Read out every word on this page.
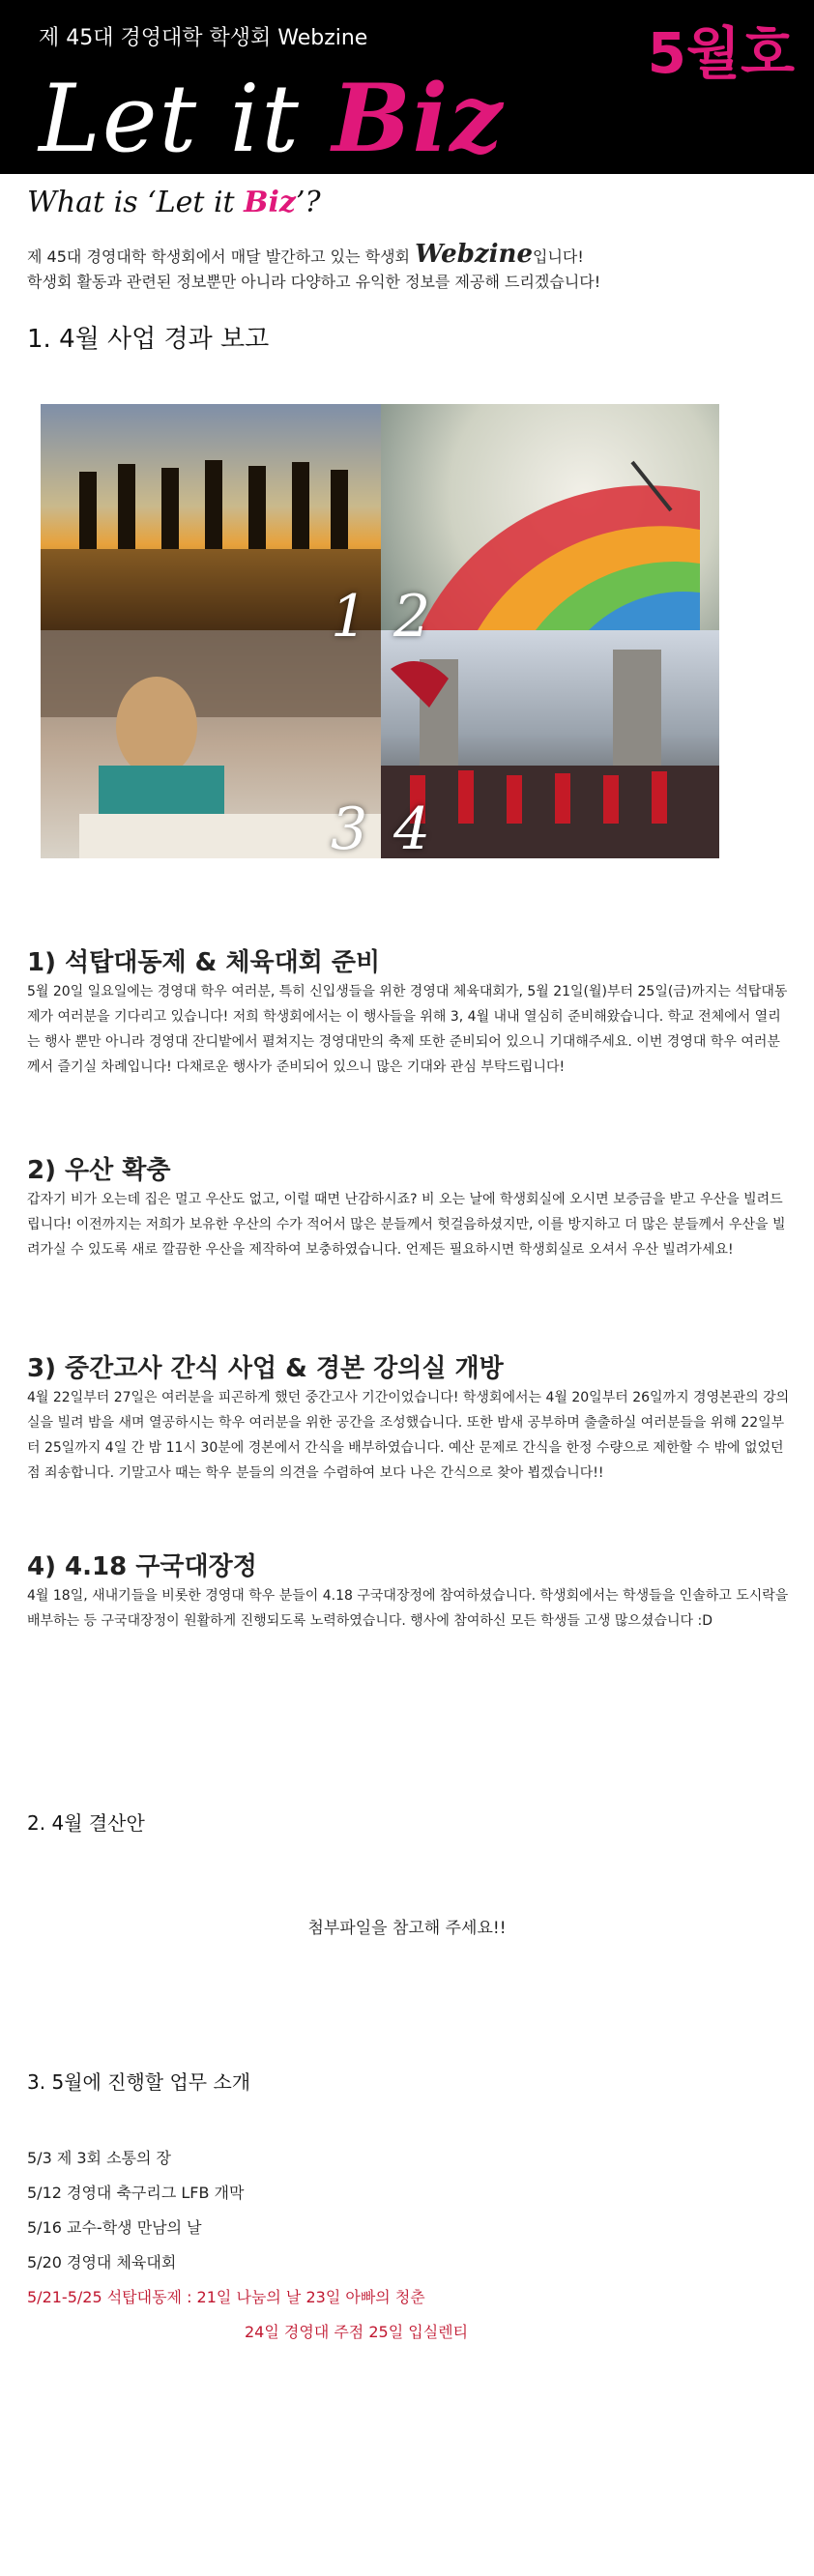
제 45대 경영대학 학생회 Webzine	5월호
Let it Biz
What is ‘Let it Biz’?
제 45대 경영대학 학생회에서 매달 발간하고 있는 학생회 Webzine입니다!
학생회 활동과 관련된 정보뿐만 아니라 다양하고 유익한 정보를 제공해 드리겠습니다!
1. 4월 사업 경과 보고
1 2
3 4
1) 석탑대동제 & 체육대회 준비
5월 20일 일요일에는 경영대 학우 여러분, 특히 신입생들을 위한 경영대 체육대회가, 5월 21일(월)부터 25일(금)까지는 석탑대동제가 여러분을 기다리고 있습니다! 저희 학생회에서는 이 행사들을 위해 3, 4월 내내 열심히 준비해왔습니다. 학교 전체에서 열리는 행사 뿐만 아니라 경영대 잔디밭에서 펼쳐지는 경영대만의 축제 또한 준비되어 있으니 기대해주세요. 이번 경영대 학우 여러분께서 즐기실 차례입니다! 다채로운 행사가 준비되어 있으니 많은 기대와 관심 부탁드립니다!
2) 우산 확충
갑자기 비가 오는데 집은 멀고 우산도 없고, 이럴 때면 난감하시죠? 비 오는 날에 학생회실에 오시면 보증금을 받고 우산을 빌려드립니다! 이전까지는 저희가 보유한 우산의 수가 적어서 많은 분들께서 헛걸음하셨지만, 이를 방지하고 더 많은 분들께서 우산을 빌려가실 수 있도록 새로 깔끔한 우산을 제작하여 보충하였습니다. 언제든 필요하시면 학생회실로 오셔서 우산 빌려가세요!
3) 중간고사 간식 사업 & 경본 강의실 개방
4월 22일부터 27일은 여러분을 피곤하게 했던 중간고사 기간이었습니다! 학생회에서는 4월 20일부터 26일까지 경영본관의 강의실을 빌려 밤을 새며 열공하시는 학우 여러분을 위한 공간을 조성했습니다. 또한 밤새 공부하며 출출하실 여러분들을 위해 22일부터 25일까지 4일 간 밤 11시 30분에 경본에서 간식을 배부하였습니다. 예산 문제로 간식을 한정 수량으로 제한할 수 밖에 없었던 점 죄송합니다. 기말고사 때는 학우 분들의 의견을 수렴하여 보다 나은 간식으로 찾아 뵙겠습니다!!
4) 4.18 구국대장정
4월 18일, 새내기들을 비롯한 경영대 학우 분들이 4.18 구국대장정에 참여하셨습니다. 학생회에서는 학생들을 인솔하고 도시락을 배부하는 등 구국대장정이 원활하게 진행되도록 노력하였습니다. 행사에 참여하신 모든 학생들 고생 많으셨습니다 :D
2. 4월 결산안
첨부파일을 참고해 주세요!!
3. 5월에 진행할 업무 소개
5/3 제 3회 소통의 장
5/12 경영대 축구리그 LFB 개막
5/16 교수-학생 만남의 날
5/20 경영대 체육대회
5/21-5/25 석탑대동제 : 21일 나눔의 날 23일 아빠의 청춘
24일 경영대 주점 25일 입실렌티
